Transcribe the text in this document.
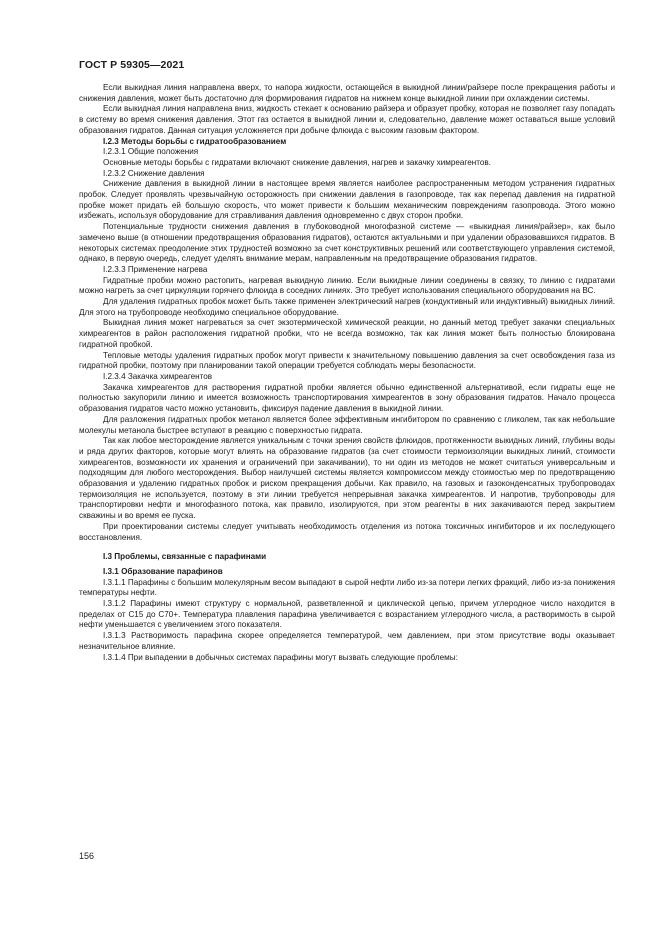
ГОСТ Р 59305—2021

Если выкидная линия направлена вверх, то напора жидкости, остающейся в выкидной линии/райзере после прекращения работы и снижения давления, может быть достаточно для формирования гидратов на нижнем конце выкидной линии при охлаждении системы.

Если выкидная линия направлена вниз, жидкость стекает к основанию райзера и образует пробку, которая не позволяет газу попадать в систему во время снижения давления. Этот газ остается в выкидной линии и, следовательно, давление может оставаться выше условий образования гидратов. Данная ситуация усложняется при добыче флюида с высоким газовым фактором.

I.2.3 Методы борьбы с гидратообразованием

I.2.3.1 Общие положения

Основные методы борьбы с гидратами включают снижение давления, нагрев и закачку химреагентов.

I.2.3.2 Снижение давления

Снижение давления в выкидной линии в настоящее время является наиболее распространенным методом устранения гидратных пробок. Следует проявлять чрезвычайную осторожность при снижении давления в газопроводе, так как перепад давления на гидратной пробке может придать ей большую скорость, что может привести к большим механическим повреждениям газопровода. Этого можно избежать, используя оборудование для стравливания давления одновременно с двух сторон пробки.

Потенциальные трудности снижения давления в глубоководной многофазной системе — «выкидная линия/райзер», как было замечено выше (в отношении предотвращения образования гидратов), остаются актуальными и при удалении образовавшихся гидратов. В некоторых системах преодоление этих трудностей возможно за счет конструктивных решений или соответствующего управления системой, однако, в первую очередь, следует уделять внимание мерам, направленным на предотвращение образования гидратов.

I.2.3.3 Применение нагрева

Гидратные пробки можно растопить, нагревая выкидную линию. Если выкидные линии соединены в связку, то линию с гидратами можно нагреть за счет циркуляции горячего флюида в соседних линиях. Это требует использования специального оборудования на ВС.

Для удаления гидратных пробок может быть также применен электрический нагрев (кондуктивный или индуктивный) выкидных линий. Для этого на трубопроводе необходимо специальное оборудование.

Выкидная линия может нагреваться за счет экзотермической химической реакции, но данный метод требует закачки специальных химреагентов в район расположения гидратной пробки, что не всегда возможно, так как линия может быть полностью блокирована гидратной пробкой.

Тепловые методы удаления гидратных пробок могут привести к значительному повышению давления за счет освобождения газа из гидратной пробки, поэтому при планировании такой операции требуется соблюдать меры безопасности.

I.2.3.4 Закачка химреагентов

Закачка химреагентов для растворения гидратной пробки является обычно единственной альтернативой, если гидраты еще не полностью закупорили линию и имеется возможность транспортирования химреагентов в зону образования гидратов. Начало процесса образования гидратов часто можно установить, фиксируя падение давления в выкидной линии.

Для разложения гидратных пробок метанол является более эффективным ингибитором по сравнению с гликолем, так как небольшие молекулы метанола быстрее вступают в реакцию с поверхностью гидрата.

Так как любое месторождение является уникальным с точки зрения свойств флюидов, протяженности выкидных линий, глубины воды и ряда других факторов, которые могут влиять на образование гидратов (за счет стоимости термоизоляции выкидных линий, стоимости химреагентов, возможности их хранения и ограничений при закачивании), то ни один из методов не может считаться универсальным и подходящим для любого месторождения. Выбор наилучшей системы является компромиссом между стоимостью мер по предотвращению образования и удалению гидратных пробок и риском прекращения добычи. Как правило, на газовых и газоконденсатных трубопроводах термоизоляция не используется, поэтому в эти линии требуется непрерывная закачка химреагентов. И напротив, трубопроводы для транспортировки нефти и многофазного потока, как правило, изолируются, при этом реагенты в них закачиваются перед закрытием скважины и во время ее пуска.

При проектировании системы следует учитывать необходимость отделения из потока токсичных ингибиторов и их последующего восстановления.

I.3 Проблемы, связанные с парафинами

I.3.1 Образование парафинов

I.3.1.1 Парафины с большим молекулярным весом выпадают в сырой нефти либо из-за потери легких фракций, либо из-за понижения температуры нефти.

I.3.1.2 Парафины имеют структуру с нормальной, разветвленной и циклической цепью, причем углеродное число находится в пределах от С15 до С70+. Температура плавления парафина увеличивается с возрастанием углеродного числа, а растворимость в сырой нефти уменьшается с увеличением этого показателя.

I.3.1.3 Растворимость парафина скорее определяется температурой, чем давлением, при этом присутствие воды оказывает незначительное влияние.

I.3.1.4 При выпадении в добычных системах парафины могут вызвать следующие проблемы:

156
